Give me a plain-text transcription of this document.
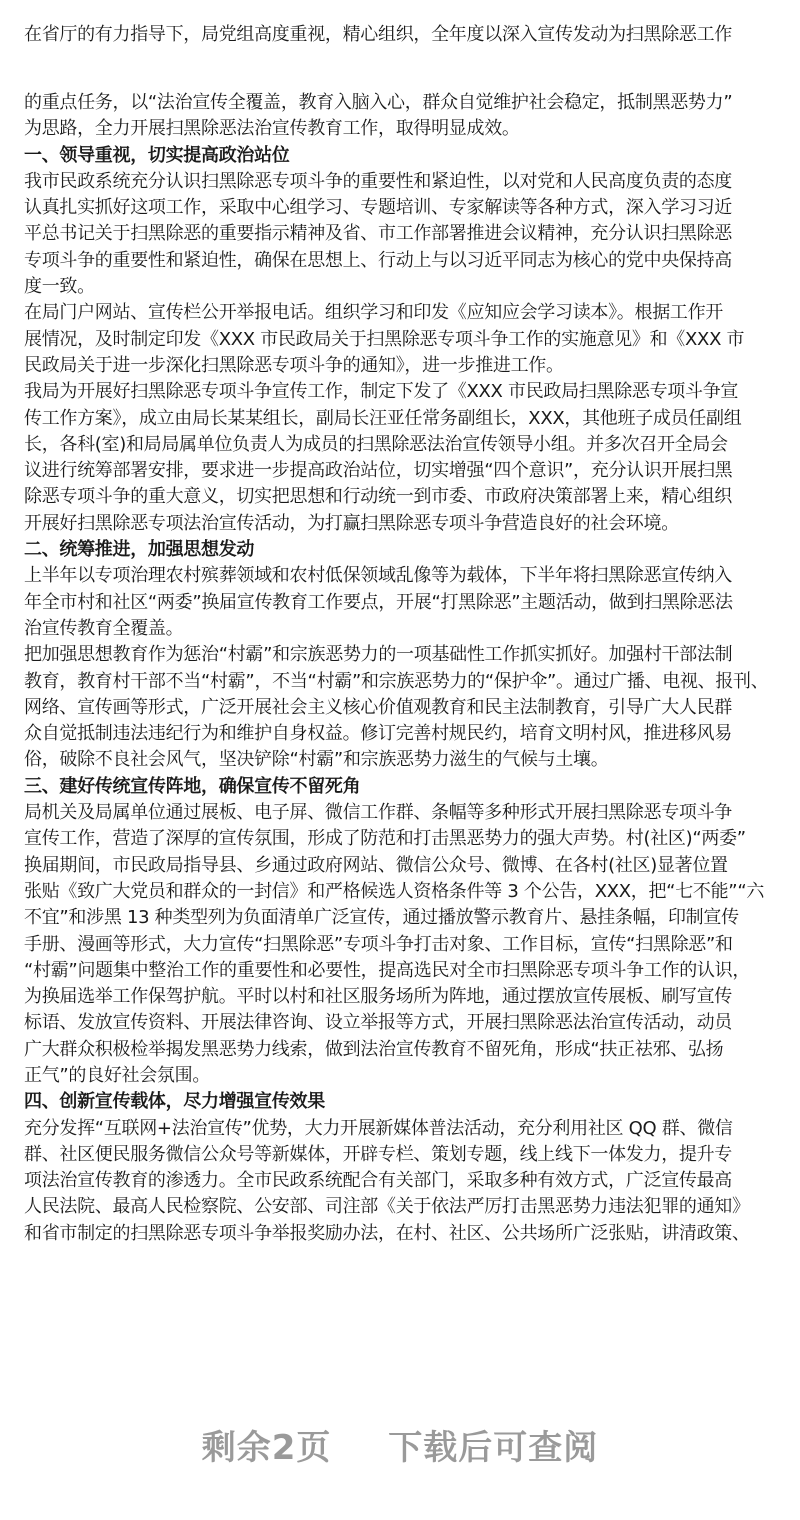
在省厅的有力指导下，局党组高度重视，精心组织，全年度以深入宣传发动为扫黑除恶工作
的重点任务，以“法治宣传全覆盖，教育入脑入心，群众自觉维护社会稳定，抵制黑恶势力”
为思路，全力开展扫黑除恶法治宣传教育工作，取得明显成效。
一、领导重视，切实提高政治站位
我市民政系统充分认识扫黑除恶专项斗争的重要性和紧迫性，以对党和人民高度负责的态度
认真扎实抓好这项工作，采取中心组学习、专题培训、专家解读等各种方式，深入学习习近
平总书记关于扫黑除恶的重要指示精神及省、市工作部署推进会议精神，充分认识扫黑除恶
专项斗争的重要性和紧迫性，确保在思想上、行动上与以习近平同志为核心的党中央保持高
度一致。
在局门户网站、宣传栏公开举报电话。组织学习和印发《应知应会学习读本》。根据工作开
展情况，及时制定印发《XXX 市民政局关于扫黑除恶专项斗争工作的实施意见》和《XXX 市
民政局关于进一步深化扫黑除恶专项斗争的通知》，进一步推进工作。
我局为开展好扫黑除恶专项斗争宣传工作，制定下发了《XXX 市民政局扫黑除恶专项斗争宣
传工作方案》，成立由局长某某组长，副局长汪亚任常务副组长，XXX，其他班子成员任副组
长，各科(室)和局局属单位负责人为成员的扫黑除恶法治宣传领导小组。并多次召开全局会
议进行统筹部署安排，要求进一步提高政治站位，切实增强“四个意识”，充分认识开展扫黑
除恶专项斗争的重大意义，切实把思想和行动统一到市委、市政府决策部署上来，精心组织
开展好扫黑除恶专项法治宣传活动，为打赢扫黑除恶专项斗争营造良好的社会环境。
二、统筹推进，加强思想发动
上半年以专项治理农村殡葬领域和农村低保领域乱像等为载体，下半年将扫黑除恶宣传纳入
年全市村和社区“两委”换届宣传教育工作要点，开展“打黑除恶”主题活动，做到扫黑除恶法
治宣传教育全覆盖。
把加强思想教育作为惩治“村霸”和宗族恶势力的一项基础性工作抓实抓好。加强村干部法制
教育，教育村干部不当“村霸”，不当“村霸”和宗族恶势力的“保护伞”。通过广播、电视、报刊、
网络、宣传画等形式，广泛开展社会主义核心价值观教育和民主法制教育，引导广大人民群
众自觉抵制违法违纪行为和维护自身权益。修订完善村规民约，培育文明村风，推进移风易
俗，破除不良社会风气，坚决铲除“村霸”和宗族恶势力滋生的气候与土壤。
三、建好传统宣传阵地，确保宣传不留死角
局机关及局属单位通过展板、电子屏、微信工作群、条幅等多种形式开展扫黑除恶专项斗争
宣传工作，营造了深厚的宣传氛围，形成了防范和打击黑恶势力的强大声势。村(社区)“两委”
换届期间，市民政局指导县、乡通过政府网站、微信公众号、微博、在各村(社区)显著位置
张贴《致广大党员和群众的一封信》和严格候选人资格条件等 3 个公告，XXX，把“七不能”“六
不宜”和涉黑 13 种类型列为负面清单广泛宣传，通过播放警示教育片、悬挂条幅，印制宣传
手册、漫画等形式，大力宣传“扫黑除恶”专项斗争打击对象、工作目标，宣传“扫黑除恶”和
“村霸”问题集中整治工作的重要性和必要性，提高选民对全市扫黑除恶专项斗争工作的认识，
为换届选举工作保驾护航。平时以村和社区服务场所为阵地，通过摆放宣传展板、刷写宣传
标语、发放宣传资料、开展法律咨询、设立举报等方式，开展扫黑除恶法治宣传活动，动员
广大群众积极检举揭发黑恶势力线索，做到法治宣传教育不留死角，形成“扶正祛邪、弘扬
正气”的良好社会氛围。
四、创新宣传载体，尽力增强宣传效果
充分发挥“互联网+法治宣传”优势，大力开展新媒体普法活动，充分利用社区 QQ 群、微信
群、社区便民服务微信公众号等新媒体，开辟专栏、策划专题，线上线下一体发力，提升专
项法治宣传教育的渗透力。全市民政系统配合有关部门，采取多种有效方式，广泛宣传最高
人民法院、最高人民检察院、公安部、司注部《关于依法严厉打击黑恶势力违法犯罪的通知》
和省市制定的扫黑除恶专项斗争举报奖励办法，在村、社区、公共场所广泛张贴，讲清政策、
剩余2页 下载后可查阅
